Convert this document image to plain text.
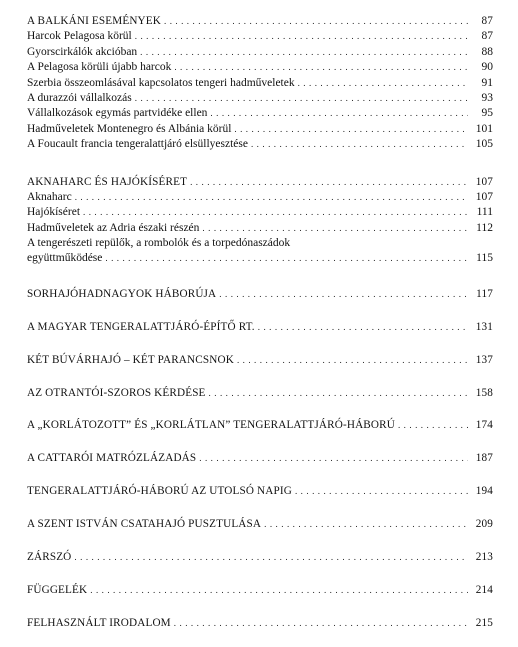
A BALKÁNI ESEMÉNYEK . . .	87
Harcok Pelagosa körül . . .	87
Gyorscirkálók akcióban . . .	88
A Pelagosa körüli újabb harcok . . .	90
Szerbia összeomlásával kapcsolatos tengeri hadműveletek . . .	91
A durazzói vállalkozás . . .	93
Vállalkozások egymás partvidéke ellen . . .	95
Hadműveletek Montenegro és Albánia körül . . .	101
A Foucault francia tengeralattjáró elsüllyesztése . . .	105
AKNAHARC ÉS HAJÓKÍSÉRET . . .	107
Aknaharc . . .	107
Hajókíséret . . .	111
Hadműveletek az Adria északi részén . . .	112
A tengerészeti repülők, a rombolók és a torpedónaszádok
együttműködése . . .	115
SORHAJÓHADNAGYOK HÁBORÚJA . . .	117
A MAGYAR TENGERALATTJÁRÓ-ÉPÍTŐ RT. . . .	131
KÉT BÚVÁRHAJÓ – KÉT PARANCSNOK . . .	137
AZ OTRANTÓI-SZOROS KÉRDÉSE . . .	158
A „KORLÁTOZOTT” ÉS „KORLÁTLAN” TENGERALATTJÁRÓ-HÁBORÚ . . .	174
A CATTARÓI MATRÓZLÁZADÁS . . .	187
TENGERALATTJÁRÓ-HÁBORÚ AZ UTOLSÓ NAPIG . . .	194
A SZENT ISTVÁN CSATAHAJÓ PUSZTULÁSA . . .	209
ZÁRSZÓ . . .	213
FÜGGELÉK . . .	214
FELHASZNÁLT IRODALOM . . .	215
